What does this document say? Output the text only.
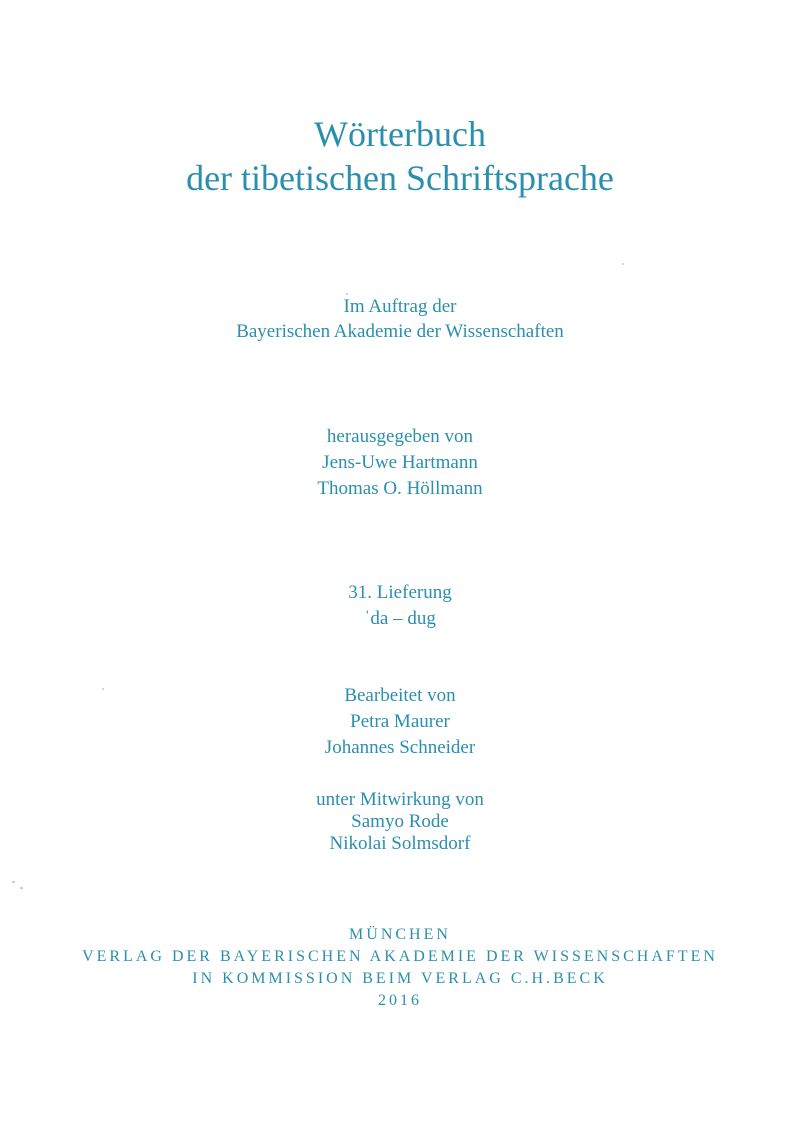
Wörterbuch
der tibetischen Schriftsprache
Im Auftrag der
Bayerischen Akademie der Wissenschaften
herausgegeben von
Jens-Uwe Hartmann
Thomas O. Höllmann
31. Lieferung
ˈda – dug
Bearbeitet von
Petra Maurer
Johannes Schneider
unter Mitwirkung von
Samyo Rode
Nikolai Solmsdorf
MÜNCHEN
VERLAG DER BAYERISCHEN AKADEMIE DER WISSENSCHAFTEN
IN KOMMISSION BEIM VERLAG C.H.BECK
2016
